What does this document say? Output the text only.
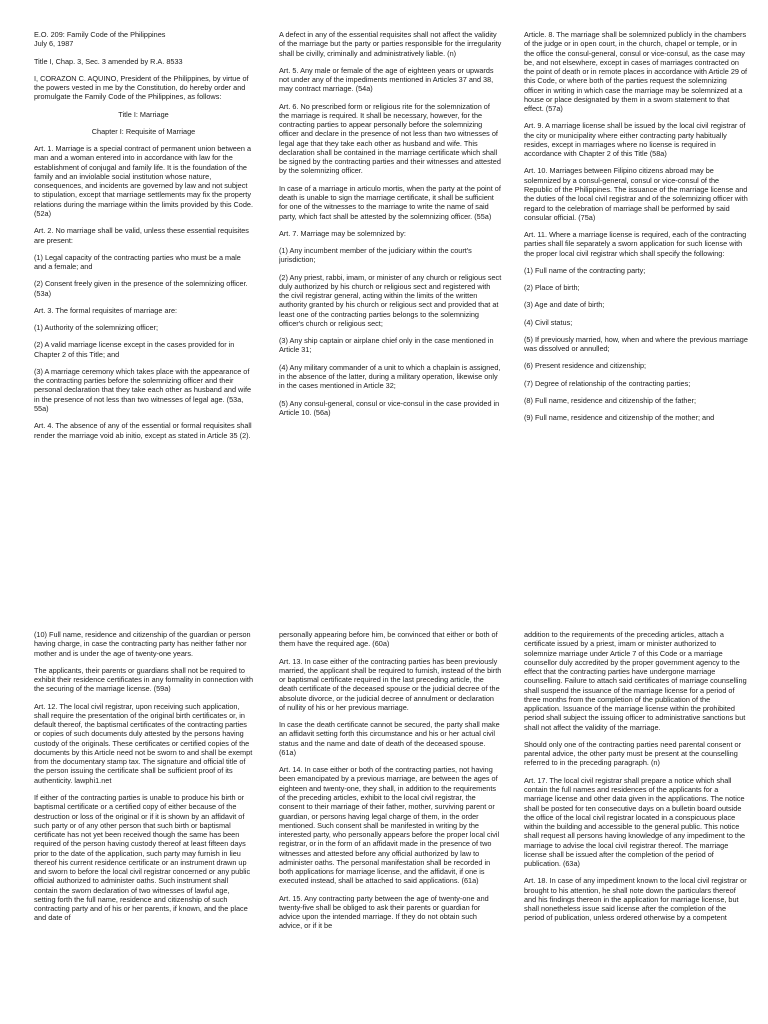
E.O. 209: Family Code of the Philippines
July 6, 1987

Title I, Chap. 3, Sec. 3 amended by R.A. 8533

I, CORAZON C. AQUINO, President of the Philippines, by virtue of the powers vested in me by the Constitution, do hereby order and promulgate the Family Code of the Philippines, as follows:

Title I: Marriage

Chapter I: Requisite of Marriage

Art. 1. Marriage is a special contract of permanent union between a man and a woman entered into in accordance with law for the establishment of conjugal and family life. It is the foundation of the family and an inviolable social institution whose nature, consequences, and incidents are governed by law and not subject to stipulation, except that marriage settlements may fix the property relations during the marriage within the limits provided by this Code. (52a)

Art. 2. No marriage shall be valid, unless these essential requisites are present:

(1) Legal capacity of the contracting parties who must be a male and a female; and

(2) Consent freely given in the presence of the solemnizing officer. (53a)

Art. 3. The formal requisites of marriage are:

(1) Authority of the solemnizing officer;

(2) A valid marriage license except in the cases provided for in Chapter 2 of this Title; and

(3) A marriage ceremony which takes place with the appearance of the contracting parties before the solemnizing officer and their personal declaration that they take each other as husband and wife in the presence of not less than two witnesses of legal age. (53a, 55a)

Art. 4. The absence of any of the essential or formal requisites shall render the marriage void ab initio, except as stated in Article 35 (2).

A defect in any of the essential requisites shall not affect the validity of the marriage but the party or parties responsible for the irregularity shall be civilly, criminally and administratively liable. (n)

Art. 5. Any male or female of the age of eighteen years or upwards not under any of the impediments mentioned in Articles 37 and 38, may contract marriage. (54a)

Art. 6. No prescribed form or religious rite for the solemnization of the marriage is required. It shall be necessary, however, for the contracting parties to appear personally before the solemnizing officer and declare in the presence of not less than two witnesses of legal age that they take each other as husband and wife. This declaration shall be contained in the marriage certificate which shall be signed by the contracting parties and their witnesses and attested by the solemnizing officer.

In case of a marriage in articulo mortis, when the party at the point of death is unable to sign the marriage certificate, it shall be sufficient for one of the witnesses to the marriage to write the name of said party, which fact shall be attested by the solemnizing officer. (55a)

Art. 7. Marriage may be solemnized by:

(1) Any incumbent member of the judiciary within the court's jurisdiction;

(2) Any priest, rabbi, imam, or minister of any church or religious sect duly authorized by his church or religious sect and registered with the civil registrar general, acting within the limits of the written authority granted by his church or religious sect and provided that at least one of the contracting parties belongs to the solemnizing officer's church or religious sect;

(3) Any ship captain or airplane chief only in the case mentioned in Article 31;

(4) Any military commander of a unit to which a chaplain is assigned, in the absence of the latter, during a military operation, likewise only in the cases mentioned in Article 32;

(5) Any consul-general, consul or vice-consul in the case provided in Article 10. (56a)

Article. 8. The marriage shall be solemnized publicly in the chambers of the judge or in open court, in the church, chapel or temple, or in the office the consul-general, consul or vice-consul, as the case may be, and not elsewhere, except in cases of marriages contracted on the point of death or in remote places in accordance with Article 29 of this Code, or where both of the parties request the solemnizing officer in writing in which case the marriage may be solemnized at a house or place designated by them in a sworn statement to that effect. (57a)

Art. 9. A marriage license shall be issued by the local civil registrar of the city or municipality where either contracting party habitually resides, except in marriages where no license is required in accordance with Chapter 2 of this Title (58a)

Art. 10. Marriages between Filipino citizens abroad may be solemnized by a consul-general, consul or vice-consul of the Republic of the Philippines. The issuance of the marriage license and the duties of the local civil registrar and of the solemnizing officer with regard to the celebration of marriage shall be performed by said consular official. (75a)

Art. 11. Where a marriage license is required, each of the contracting parties shall file separately a sworn application for such license with the proper local civil registrar which shall specify the following:

(1) Full name of the contracting party;

(2) Place of birth;

(3) Age and date of birth;

(4) Civil status;

(5) If previously married, how, when and where the previous marriage was dissolved or annulled;

(6) Present residence and citizenship;

(7) Degree of relationship of the contracting parties;

(8) Full name, residence and citizenship of the father;

(9) Full name, residence and citizenship of the mother; and

(10) Full name, residence and citizenship of the guardian or person having charge, in case the contracting party has neither father nor mother and is under the age of twenty-one years.

The applicants, their parents or guardians shall not be required to exhibit their residence certificates in any formality in connection with the securing of the marriage license. (59a)

Art. 12. The local civil registrar, upon receiving such application, shall require the presentation of the original birth certificates or, in default thereof, the baptismal certificates of the contracting parties or copies of such documents duly attested by the persons having custody of the originals. These certificates or certified copies of the documents by this Article need not be sworn to and shall be exempt from the documentary stamp tax. The signature and official title of the person issuing the certificate shall be sufficient proof of its authenticity. lawphi1.net

If either of the contracting parties is unable to produce his birth or baptismal certificate or a certified copy of either because of the destruction or loss of the original or if it is shown by an affidavit of such party or of any other person that such birth or baptismal certificate has not yet been received though the same has been required of the person having custody thereof at least fifteen days prior to the date of the application, such party may furnish in lieu thereof his current residence certificate or an instrument drawn up and sworn to before the local civil registrar concerned or any public official authorized to administer oaths. Such instrument shall contain the sworn declaration of two witnesses of lawful age, setting forth the full name, residence and citizenship of such contracting party and of his or her parents, if known, and the place and date of

personally appearing before him, be convinced that either or both of them have the required age. (60a)

Art. 13. In case either of the contracting parties has been previously married, the applicant shall be required to furnish, instead of the birth or baptismal certificate required in the last preceding article, the death certificate of the deceased spouse or the judicial decree of the absolute divorce, or the judicial decree of annulment or declaration of nullity of his or her previous marriage.

In case the death certificate cannot be secured, the party shall make an affidavit setting forth this circumstance and his or her actual civil status and the name and date of death of the deceased spouse. (61a)

Art. 14. In case either or both of the contracting parties, not having been emancipated by a previous marriage, are between the ages of eighteen and twenty-one, they shall, in addition to the requirements of the preceding articles, exhibit to the local civil registrar, the consent to their marriage of their father, mother, surviving parent or guardian, or persons having legal charge of them, in the order mentioned. Such consent shall be manifested in writing by the interested party, who personally appears before the proper local civil registrar, or in the form of an affidavit made in the presence of two witnesses and attested before any official authorized by law to administer oaths. The personal manifestation shall be recorded in both applications for marriage license, and the affidavit, if one is executed instead, shall be attached to said applications. (61a)

Art. 15. Any contracting party between the age of twenty-one and twenty-five shall be obliged to ask their parents or guardian for advice upon the intended marriage. If they do not obtain such advice, or if it be

addition to the requirements of the preceding articles, attach a certificate issued by a priest, imam or minister authorized to solemnize marriage under Article 7 of this Code or a marriage counsellor duly accredited by the proper government agency to the effect that the contracting parties have undergone marriage counselling. Failure to attach said certificates of marriage counselling shall suspend the issuance of the marriage license for a period of three months from the completion of the publication of the application. Issuance of the marriage license within the prohibited period shall subject the issuing officer to administrative sanctions but shall not affect the validity of the marriage.

Should only one of the contracting parties need parental consent or parental advice, the other party must be present at the counselling referred to in the preceding paragraph. (n)

Art. 17. The local civil registrar shall prepare a notice which shall contain the full names and residences of the applicants for a marriage license and other data given in the applications. The notice shall be posted for ten consecutive days on a bulletin board outside the office of the local civil registrar located in a conspicuous place within the building and accessible to the general public. This notice shall request all persons having knowledge of any impediment to the marriage to advise the local civil registrar thereof. The marriage license shall be issued after the completion of the period of publication. (63a)

Art. 18. In case of any impediment known to the local civil registrar or brought to his attention, he shall note down the particulars thereof and his findings thereon in the application for marriage license, but shall nonetheless issue said license after the completion of the period of publication, unless ordered otherwise by a competent
